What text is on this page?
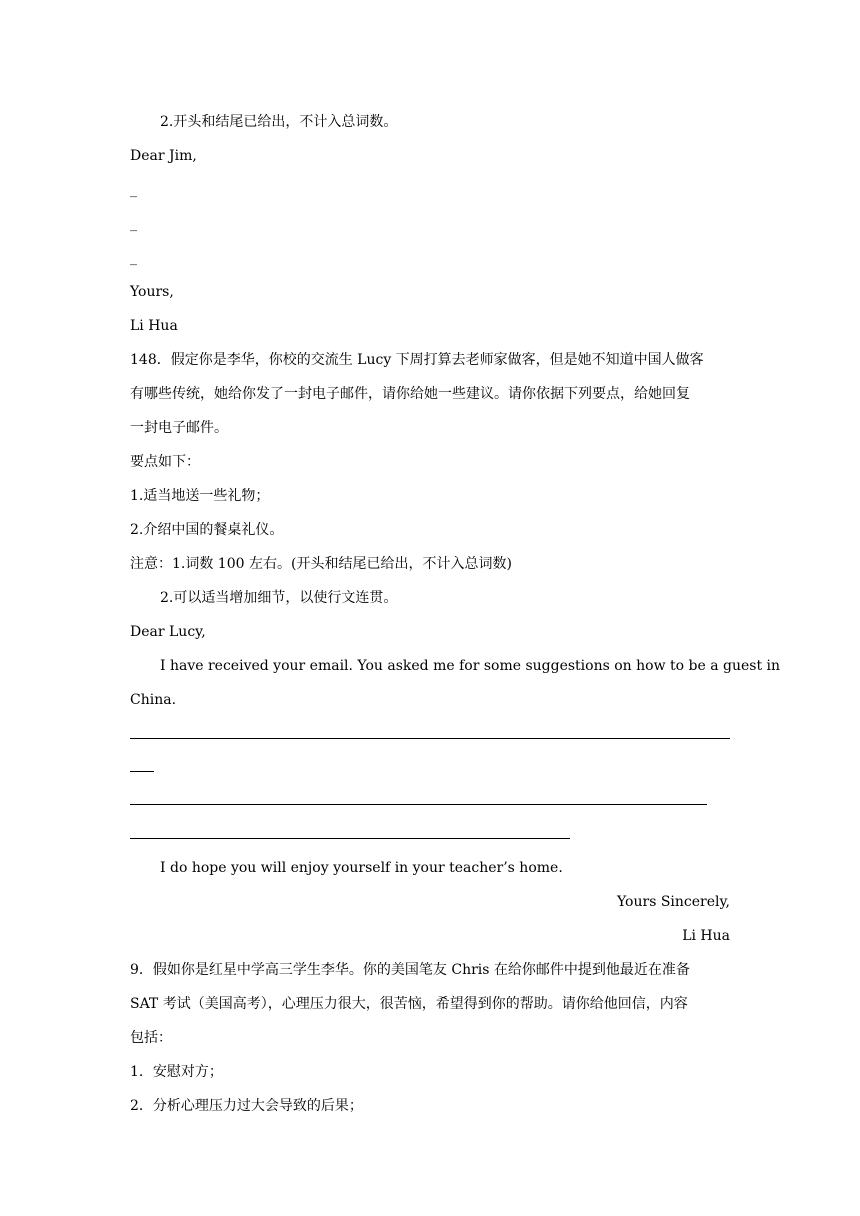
2.开头和结尾已给出，不计入总词数。
Dear Jim,
_
_
_
Yours,
Li Hua
148．假定你是李华，你校的交流生 Lucy 下周打算去老师家做客，但是她不知道中国人做客
有哪些传统，她给你发了一封电子邮件，请你给她一些建议。请你依据下列要点，给她回复
一封电子邮件。
要点如下：
1.适当地送一些礼物；
2.介绍中国的餐桌礼仪。
注意：1.词数 100 左右。(开头和结尾已给出，不计入总词数)
2.可以适当增加细节，以使行文连贯。
Dear Lucy,
I have received your email. You asked me for some suggestions on how to be a guest in
China.
I do hope you will enjoy yourself in your teacher’s home.
Yours Sincerely,
Li Hua
9．假如你是红星中学高三学生李华。你的美国笔友 Chris 在给你邮件中提到他最近在准备
SAT 考试（美国高考），心理压力很大，很苦恼，希望得到你的帮助。请你给他回信，内容
包括：
1．安慰对方；
2．分析心理压力过大会导致的后果；
